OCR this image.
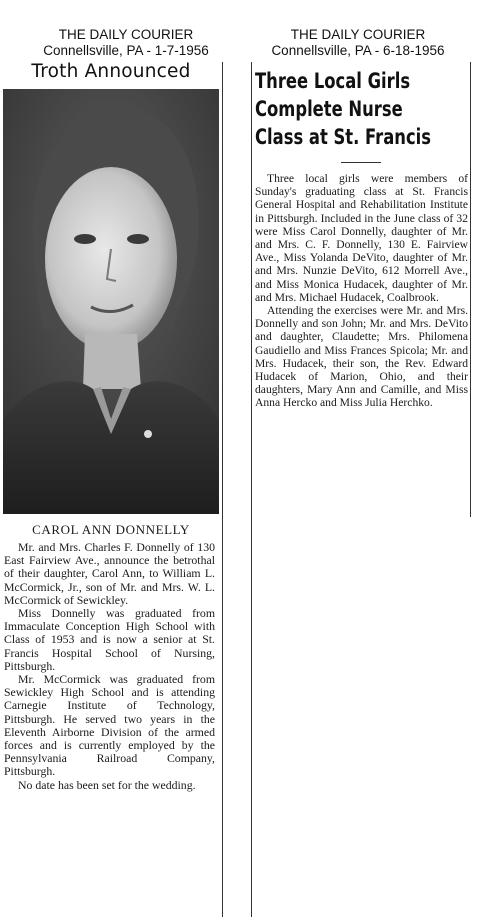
THE DAILY COURIER
Connellsville, PA - 1-7-1956
THE DAILY COURIER
Connellsville, PA - 6-18-1956
Troth Announced
CAROL ANN DONNELLY

Mr. and Mrs. Charles F. Donnelly of 130 East Fairview Ave., announce the betrothal of their daughter, Carol Ann, to William L. McCormick, Jr., son of Mr. and Mrs. W. L. McCormick of Sewickley.

Miss Donnelly was graduated from Immaculate Conception High School with Class of 1953 and is now a senior at St. Francis Hospital School of Nursing, Pittsburgh.

Mr. McCormick was graduated from Sewickley High School and is attending Carnegie Institute of Technology, Pittsburgh. He served two years in the Eleventh Airborne Division of the armed forces and is currently employed by the Pennsylvania Railroad Company, Pittsburgh.

No date has been set for the wedding.

Three Local Girls
Complete Nurse
Class at St. Francis

Three local girls were members of Sunday's graduating class at St. Francis General Hospital and Rehabilitation Institute in Pittsburgh. Included in the June class of 32 were Miss Carol Donnelly, daughter of Mr. and Mrs. C. F. Donnelly, 130 E. Fairview Ave., Miss Yolanda DeVito, daughter of Mr. and Mrs. Nunzie DeVito, 612 Morrell Ave., and Miss Monica Hudacek, daughter of Mr. and Mrs. Michael Hudacek, Coalbrook.

Attending the exercises were Mr. and Mrs. Donnelly and son John; Mr. and Mrs. DeVito and daughter, Claudette; Mrs. Philomena Gaudiello and Miss Frances Spicola; Mr. and Mrs. Hudacek, their son, the Rev. Edward Hudacek of Marion, Ohio, and their daughters, Mary Ann and Camille, and Miss Anna Hercko and Miss Julia Herchko.
